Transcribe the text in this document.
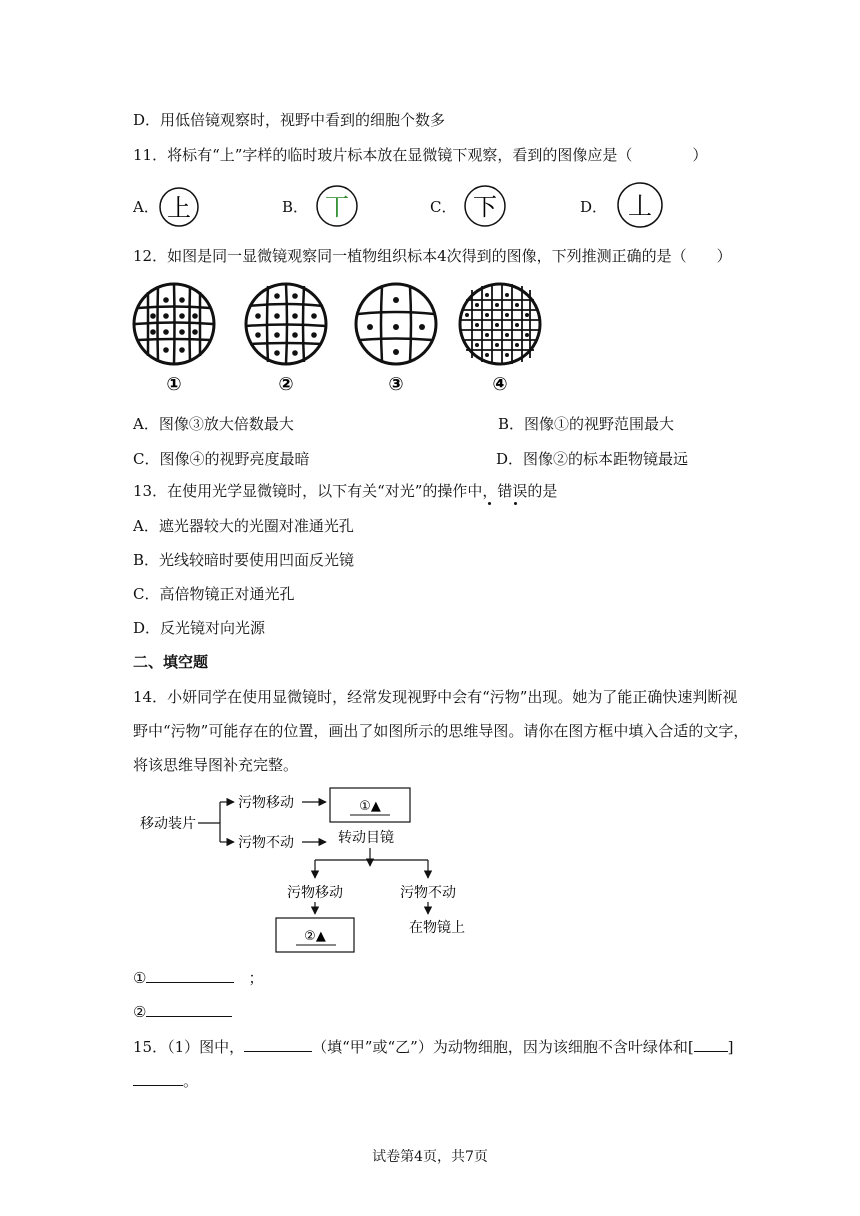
D．用低倍镜观察时，视野中看到的细胞个数多
11．将标有“上”字样的临时玻片标本放在显微镜下观察，看到的图像应是（　　　　）
A． 上	B． 丅	C． 下	D． 丄
12．如图是同一显微镜观察同一植物组织标本4次得到的图像，下列推测正确的是（　　）
①	②	③	④
A．图像③放大倍数最大	B．图像①的视野范围最大
C．图像④的视野亮度最暗	D．图像②的标本距物镜最远
13．在使用光学显微镜时，以下有关“对光”的操作中，错误的是
A．遮光器较大的光圈对准通光孔
B．光线较暗时要使用凹面反光镜
C．高倍物镜正对通光孔
D．反光镜对向光源
二、填空题
14．小妍同学在使用显微镜时，经常发现视野中会有“污物”出现。她为了能正确快速判断视
野中“污物”可能存在的位置，画出了如图所示的思维导图。请你在图方框中填入合适的文字，
将该思维导图补充完整。
移动装片
污物移动
污物不动
①▲
转动目镜
污物移动	污物不动
②▲
在物镜上
①	；
②
15．（1）图中，	（填“甲”或“乙”）为动物细胞，因为该细胞不含叶绿体和[ ]
。
试卷第4页，共7页
